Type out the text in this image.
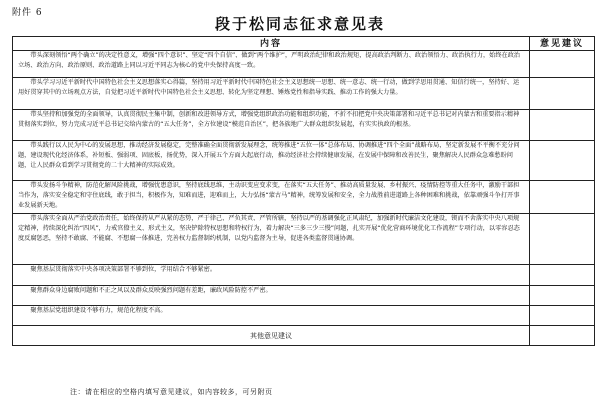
附件 6
段于松同志征求意见表
内容	意见建议
带头深刻领悟“两个确立”的决定性意义，增强“四个意识”、坚定“四个自信”、做到“两个维护”，严明政治纪律和政治规矩，提高政治判断力、政治领悟力、政治执行力，始终在政治立场、政治方向、政治原则、政治道路上同以习近平同志为核心的党中央保持高度一致。	
带头学习习近平新时代中国特色社会主义思想落实心得篇，坚持用习近平新时代中国特色社会主义思想统一思想、统一意志、统一行动，做到学思用贯通、知信行统一，坚持好、运用好贯穿其中的立场观点方法，自觉把习近平新时代中国特色社会主义思想、转化为坚定理想、锤炼党性和指导实践、推动工作的强大力量。	
带头坚持和加强党的全面领导，认真贯彻民主集中制，创新和改进领导方式，增强党组织政治功能和组织功能，不折不扣把党中央决策部署和习近平总书记对内蒙古和重要指示精神贯彻落实到位，努力完成习近平总书记交给内蒙古的“五大任务”，全方位建设“模范自治区”，把各族地广大群众组织发展起，有实实执政的根基。	
带头践行以人民为中心的发展思想，推动经济发展稳定，完整准确全面贯彻新发展理念，统筹推进“五位一体”总体布局、协调推进“四个全面”战略布局，坚定新发展不平衡不充分问题，建设现代化经济体系，补短板、强弱项、固底板，扬优势，深入开展五个方面大起底行动，推动经济社会持续健康发展，在发展中保障和改善民生，聚焦解决人民群众急难愁盼问题，让人民群众看到学习贯彻党的二十大精神的实际成效。	
带头发扬斗争精神，防范化解风险挑战，增强忧患意识，坚持底线思维，主动识变应变求变，在落实“五大任务”、推动高质量发展、乡村振兴、疫情防控等重大任务中，激励干部担当作为，落实安全稳定和守住底线，敢于担当，积极作为，知难而进，迎难而上，大力弘扬“蒙古马”精神，统筹发展和安全，全力战胜前进道路上各种困难和挑战，依靠顽强斗争打开事业发展新天地。	
带头落实全面从严治党政治责任，始终保持从严从紧的态势，严于律己、严负其责、严管所辖，坚持以严的基调强化正风肃纪，加强新时代廉洁文化建设，锲而不舍落实中央八项规定精神，持续深化纠治“四风”，力戒官僚主义、形式主义，坚决铲除特权思想和特权行为，着力解决“三多三少三慢”问题，扎实开展“优化营商环境优化工作流程”专项行动，以零容忍态度反腐惩恶，坚持不敢腐、不能腐、不想腐一体推进，完善权力监督制约机制，以党内监督为主导，促进各类监督贯通协调。	
聚焦基层贯彻落实中央各项决策部署不够到位，学用结合不够紧密。	
聚焦群众身边腐败问题和不正之风以及群众反映强烈问题有差距，廉政风险防控不严密。	
聚焦基层党组织建设不够有力，规范化程度不高。	
其他意见建议	
注：请在相应的空格内填写意见建议，如内容较多，可另附页
